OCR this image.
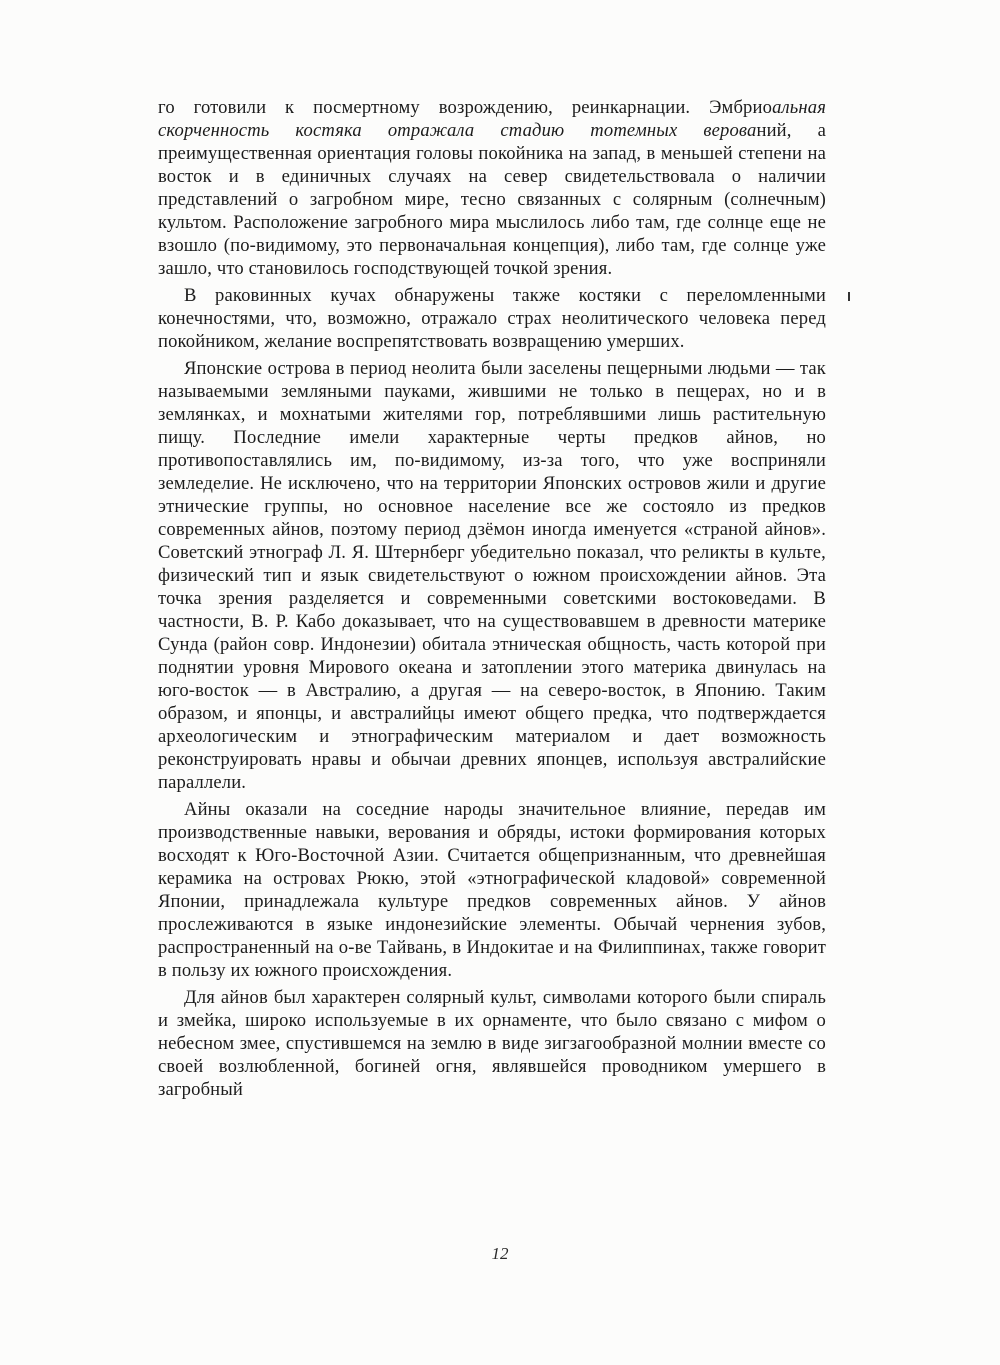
го готовили к посмертному возрождению, реинкарнации. Эмбриоальная скорченность костяка отражала стадию тотемных верований, а преимущественная ориентация головы покойника на запад, в меньшей степени на восток и в единичных случаях на север свидетельствовала о наличии представлений о загробном мире, тесно связанных с солярным (солнечным) культом. Расположение загробного мира мыслилось либо там, где солнце еще не взошло (по-видимому, это первоначальная концепция), либо там, где солнце уже зашло, что становилось господствующей точкой зрения.

В раковинных кучах обнаружены также костяки с переломленными конечностями, что, возможно, отражало страх неолитического человека перед покойником, желание воспрепятствовать возвращению умерших.

Японские острова в период неолита были заселены пещерными людьми — так называемыми земляными пауками, жившими не только в пещерах, но и в землянках, и мохнатыми жителями гор, потреблявшими лишь растительную пищу. Последние имели характерные черты предков айнов, но противопоставлялись им, по-видимому, из-за того, что уже восприняли земледелие. Не исключено, что на территории Японских островов жили и другие этнические группы, но основное население все же состояло из предков современных айнов, поэтому период дзёмон иногда именуется «страной айнов». Советский этнограф Л. Я. Штернберг убедительно показал, что реликты в культе, физический тип и язык свидетельствуют о южном происхождении айнов. Эта точка зрения разделяется и современными советскими востоковедами. В частности, В. Р. Кабо доказывает, что на существовавшем в древности материке Сунда (район совр. Индонезии) обитала этническая общность, часть которой при поднятии уровня Мирового океана и затоплении этого материка двинулась на юго-восток — в Австралию, а другая — на северо-восток, в Японию. Таким образом, и японцы, и австралийцы имеют общего предка, что подтверждается археологическим и этнографическим материалом и дает возможность реконструировать нравы и обычаи древних японцев, используя австралийские параллели.

Айны оказали на соседние народы значительное влияние, передав им производственные навыки, верования и обряды, истоки формирования которых восходят к Юго-Восточной Азии. Считается общепризнанным, что древнейшая керамика на островах Рюкю, этой «этнографической кладовой» современной Японии, принадлежала культуре предков современных айнов. У айнов прослеживаются в языке индонезийские элементы. Обычай чернения зубов, распространенный на о-ве Тайвань, в Индокитае и на Филиппинах, также говорит в пользу их южного происхождения.

Для айнов был характерен солярный культ, символами которого были спираль и змейка, широко используемые в их орнаменте, что было связано с мифом о небесном змее, спустившемся на землю в виде зигзагообразной молнии вместе со своей возлюбленной, богиней огня, являвшейся проводником умершего в загробный

12
